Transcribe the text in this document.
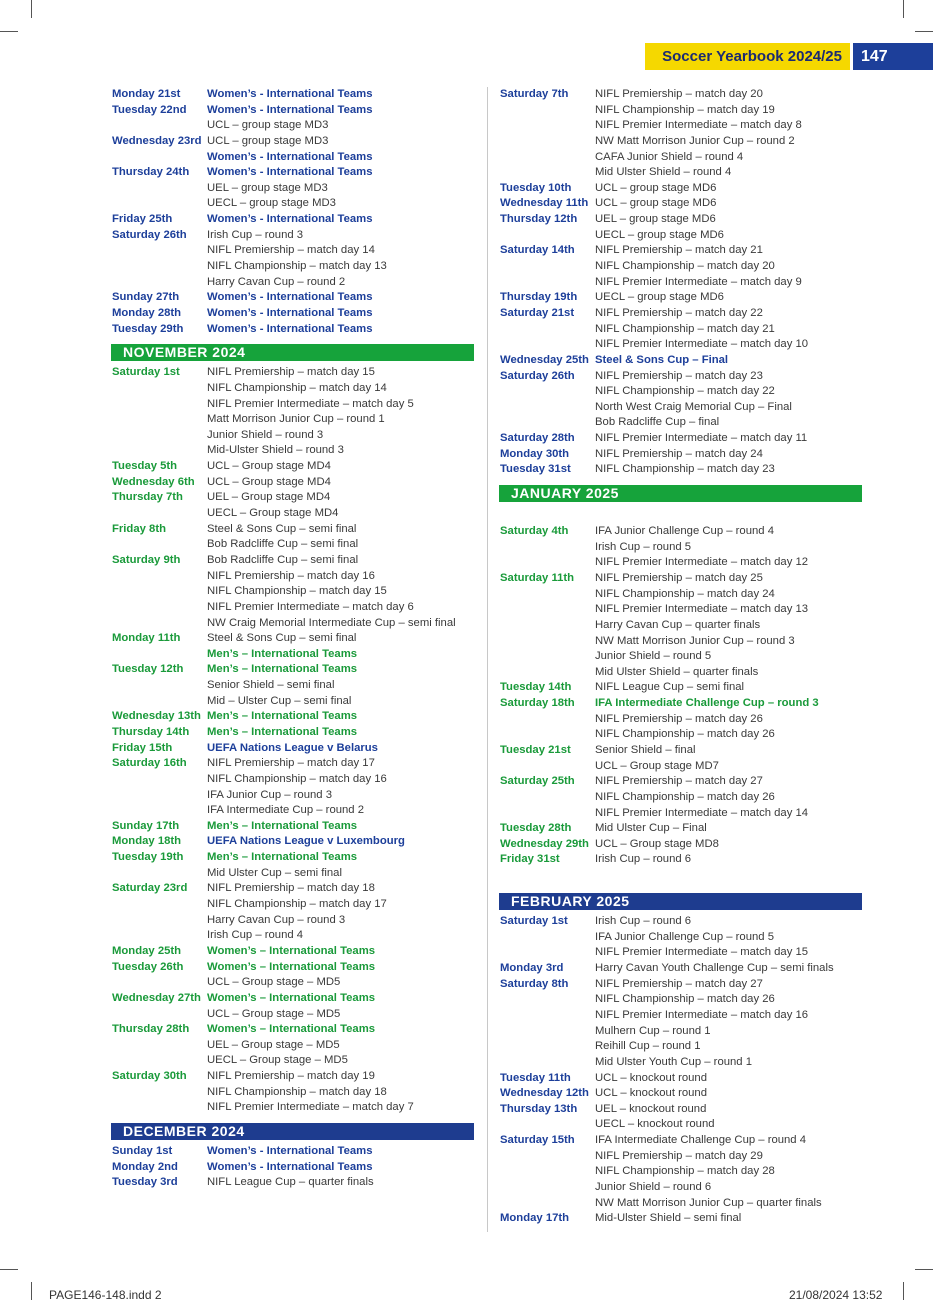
Soccer Yearbook 2024/25	147
Monday 21st Women’s - International Teams
Tuesday 22nd Women’s - International Teams
UCL – group stage MD3
Wednesday 23rd UCL – group stage MD3
Women’s - International Teams
Thursday 24th Women’s - International Teams
UEL – group stage MD3
UECL – group stage MD3
Friday 25th	Women’s - International Teams
Saturday 26th Irish Cup – round 3
NIFL Premiership – match day 14
NIFL Championship – match day 13
Harry Cavan Cup – round 2
Sunday 27th Women’s - International Teams
Monday 28th Women’s - International Teams
Tuesday 29th Women’s - International Teams
NOVEMBER 2024
Saturday 1st NIFL Premiership – match day 15
NIFL Championship – match day 14
NIFL Premier Intermediate – match day 5
Matt Morrison Junior Cup – round 1
Junior Shield – round 3
Mid-Ulster Shield – round 3
Tuesday 5th	UCL – Group stage MD4
Wednesday 6th UCL – Group stage MD4
Thursday 7th UEL – Group stage MD4
UECL – Group stage MD4
Friday 8th	Steel & Sons Cup – semi final
Bob Radcliffe Cup – semi final
Saturday 9th Bob Radcliffe Cup – semi final
NIFL Premiership – match day 16
NIFL Championship – match day 15
NIFL Premier Intermediate – match day 6
NW Craig Memorial Intermediate Cup – semi final
Monday 11th Steel & Sons Cup – semi final
Men’s – International Teams
Tuesday 12th Men’s – International Teams
Senior Shield – semi final
Mid – Ulster Cup – semi final
Wednesday 13th Men’s – International Teams
Thursday 14th Men’s – International Teams
Friday 15th	UEFA Nations League v Belarus
Saturday 16th NIFL Premiership – match day 17
NIFL Championship – match day 16
IFA Junior Cup – round 3
IFA Intermediate Cup – round 2
Sunday 17th Men’s – International Teams
Monday 18th UEFA Nations League v Luxembourg
Tuesday 19th Men’s – International Teams
Mid Ulster Cup – semi final
Saturday 23rd NIFL Premiership – match day 18
NIFL Championship – match day 17
Harry Cavan Cup – round 3
Irish Cup – round 4
Monday 25th Women’s – International Teams
Tuesday 26th Women’s – International Teams
UCL – Group stage – MD5
Wednesday 27th Women’s – International Teams
UCL – Group stage – MD5
Thursday 28th Women’s – International Teams
UEL – Group stage – MD5
UECL – Group stage – MD5
Saturday 30th NIFL Premiership – match day 19
NIFL Championship – match day 18
NIFL Premier Intermediate – match day 7
DECEMBER 2024
Sunday 1st	Women’s - International Teams
Monday 2nd	Women’s - International Teams
Tuesday 3rd	NIFL League Cup – quarter finals
Saturday 7th NIFL Premiership – match day 20
NIFL Championship – match day 19
NIFL Premier Intermediate – match day 8
NW Matt Morrison Junior Cup – round 2
CAFA Junior Shield – round 4
Mid Ulster Shield – round 4
Tuesday 10th UCL – group stage MD6
Wednesday 11th UCL – group stage MD6
Thursday 12th UEL – group stage MD6
UECL – group stage MD6
Saturday 14th NIFL Premiership – match day 21
NIFL Championship – match day 20
NIFL Premier Intermediate – match day 9
Thursday 19th UECL – group stage MD6
Saturday 21st NIFL Premiership – match day 22
NIFL Championship – match day 21
NIFL Premier Intermediate – match day 10
Wednesday 25th Steel & Sons Cup – Final
Saturday 26th NIFL Premiership – match day 23
NIFL Championship – match day 22
North West Craig Memorial Cup – Final
Bob Radcliffe Cup – final
Saturday 28th NIFL Premier Intermediate – match day 11
Monday 30th NIFL Premiership – match day 24
Tuesday 31st NIFL Championship – match day 23
JANUARY 2025
Saturday 4th IFA Junior Challenge Cup – round 4
Irish Cup – round 5
NIFL Premier Intermediate – match day 12
Saturday 11th NIFL Premiership – match day 25
NIFL Championship – match day 24
NIFL Premier Intermediate – match day 13
Harry Cavan Cup – quarter finals
NW Matt Morrison Junior Cup – round 3
Junior Shield – round 5
Mid Ulster Shield – quarter finals
Tuesday 14th NIFL League Cup – semi final
Saturday 18th IFA Intermediate Challenge Cup – round 3
NIFL Premiership – match day 26
NIFL Championship – match day 26
Tuesday 21st Senior Shield – final
UCL – Group stage MD7
Saturday 25th NIFL Premiership – match day 27
NIFL Championship – match day 26
NIFL Premier Intermediate – match day 14
Tuesday 28th Mid Ulster Cup – Final
Wednesday 29th UCL – Group stage MD8
Friday 31st	Irish Cup – round 6
FEBRUARY 2025
Saturday 1st Irish Cup – round 6
IFA Junior Challenge Cup – round 5
NIFL Premier Intermediate – match day 15
Monday 3rd	Harry Cavan Youth Challenge Cup – semi finals
Saturday 8th NIFL Premiership – match day 27
NIFL Championship – match day 26
NIFL Premier Intermediate – match day 16
Mulhern Cup – round 1
Reihill Cup – round 1
Mid Ulster Youth Cup – round 1
Tuesday 11th UCL – knockout round
Wednesday 12th UCL – knockout round
Thursday 13th UEL – knockout round
UECL – knockout round
Saturday 15th IFA Intermediate Challenge Cup – round 4
NIFL Premiership – match day 29
NIFL Championship – match day 28
Junior Shield – round 6
NW Matt Morrison Junior Cup – quarter finals
Monday 17th Mid-Ulster Shield – semi final
PAGE146-148.indd 2	21/08/2024 13:52
